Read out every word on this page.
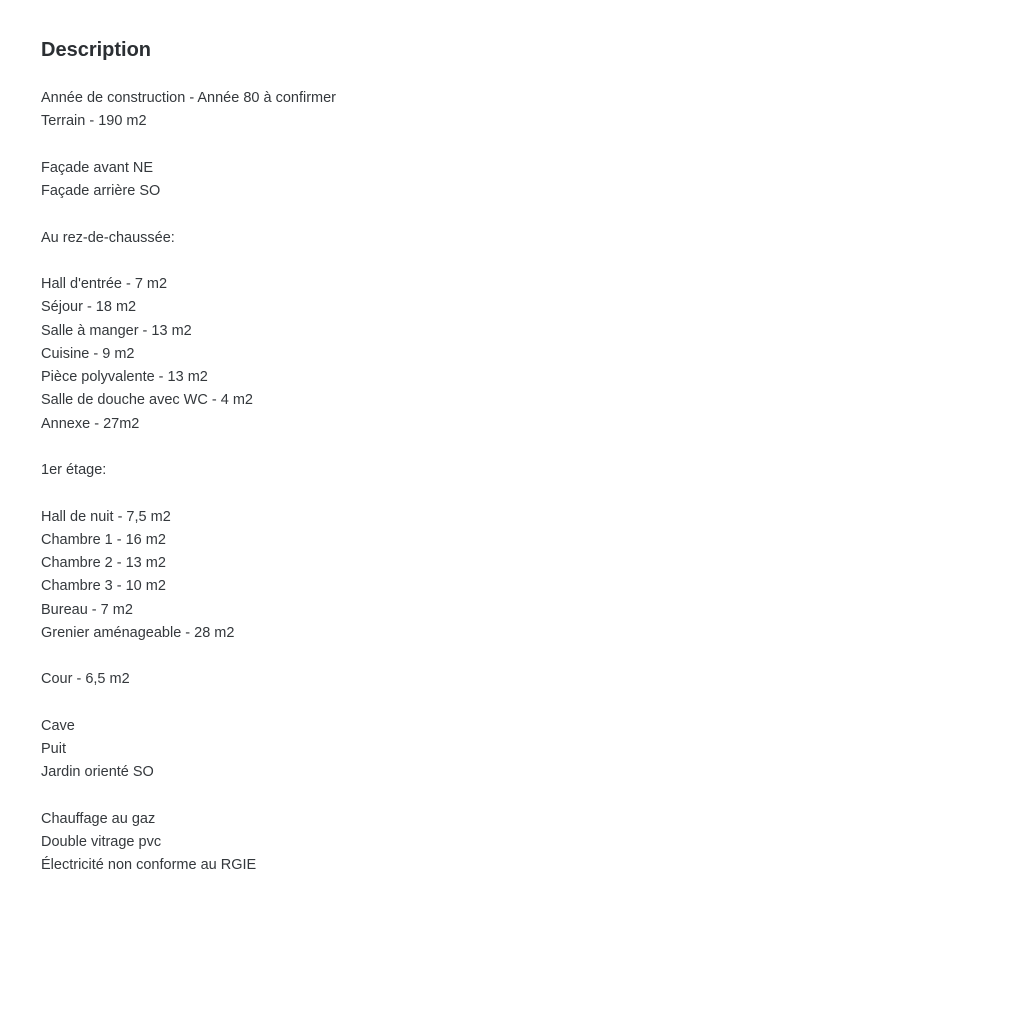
Description
Année de construction - Année 80 à confirmer
Terrain - 190 m2
Façade avant NE
Façade arrière SO
Au rez-de-chaussée:
Hall d'entrée - 7 m2
Séjour - 18 m2
Salle à manger - 13 m2
Cuisine - 9 m2
Pièce polyvalente - 13 m2
Salle de douche avec WC - 4 m2
Annexe - 27m2
1er étage:
Hall de nuit - 7,5 m2
Chambre 1 - 16 m2
Chambre 2 - 13 m2
Chambre 3 - 10 m2
Bureau - 7 m2
Grenier aménageable - 28 m2
Cour - 6,5 m2
Cave
Puit
Jardin orienté SO
Chauffage au gaz
Double vitrage pvc
Électricité non conforme au RGIE
